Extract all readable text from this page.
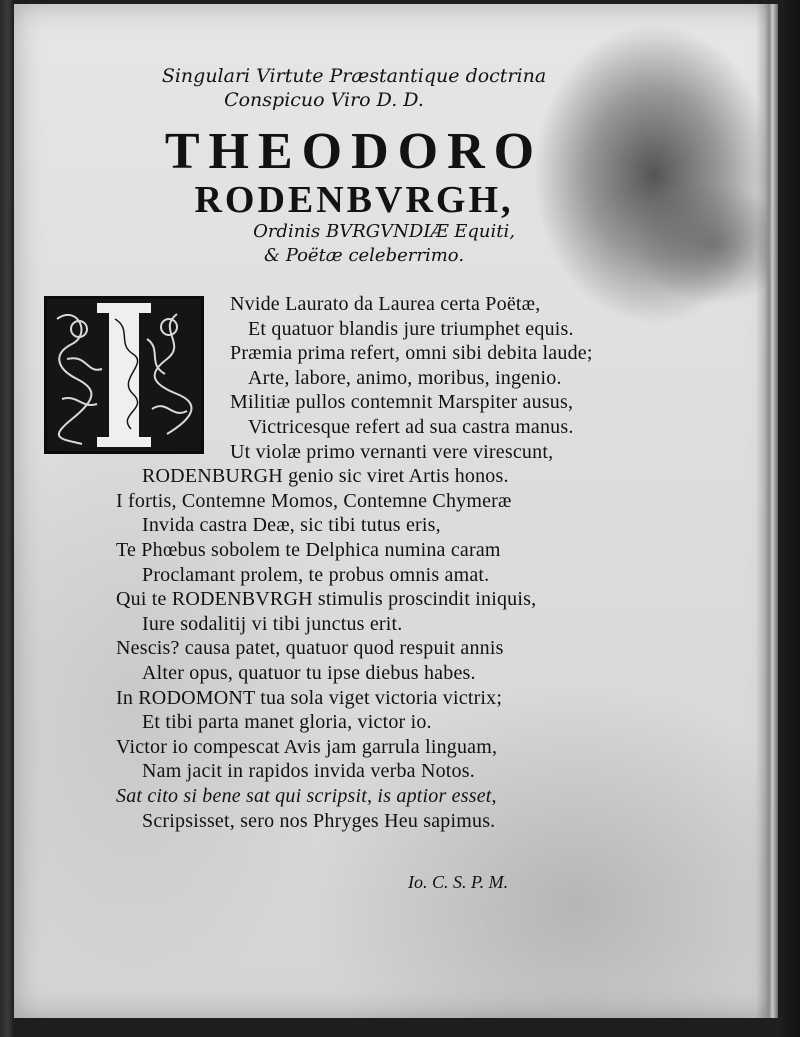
Singulari Virtute Præstantique doctrina
Conspicuo Viro D. D.
THEODORO
RODENBVRGH,
Ordinis BVRGVNDIÆ Equiti,
& Poëtæ celeberrimo.
Nvide Laurato da Laurea certa Poëtæ,
Et quatuor blandis jure triumphet equis.
Præmia prima refert, omni sibi debita laude;
Arte, labore, animo, moribus, ingenio.
Militiæ pullos contemnit Marspiter ausus,
Victricesque refert ad sua castra manus.
Ut violæ primo vernanti vere virescunt,
RODENBURGH genio sic viret Artis honos.
I fortis, Contemne Momos, Contemne Chymeræ
Invida castra Deæ, sic tibi tutus eris,
Te Phœbus sobolem te Delphica numina caram
Proclamant prolem, te probus omnis amat.
Qui te RODENBVRGH stimulis proscindit iniquis,
Iure sodalitij vi tibi junctus erit.
Nescis? causa patet, quatuor quod respuit annis
Alter opus, quatuor tu ipse diebus habes.
In RODOMONT tua sola viget victoria victrix;
Et tibi parta manet gloria, victor io.
Victor io compescat Avis jam garrula linguam,
Nam jacit in rapidos invida verba Notos.
Sat cito si bene sat qui scripsit, is aptior esset,
Scripsisset, sero nos Phryges Heu sapimus.
Io. C. S. P. M.
